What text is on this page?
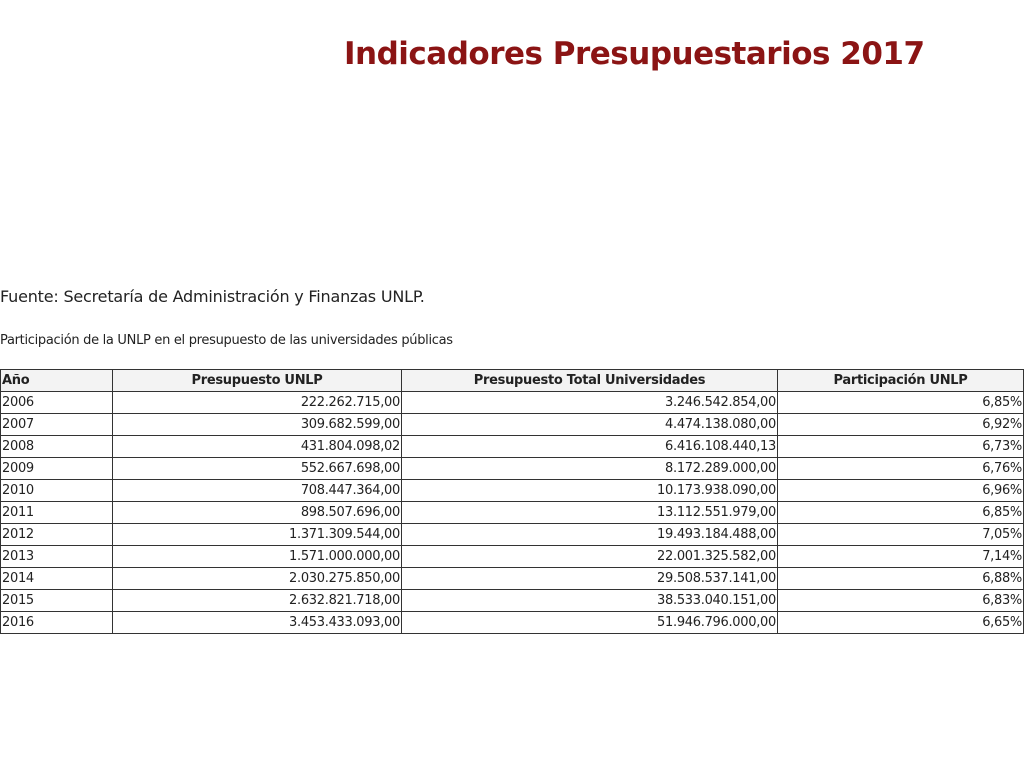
Indicadores Presupuestarios 2017

Fuente: Secretaría de Administración y Finanzas UNLP.

Participación de la UNLP en el presupuesto de las universidades públicas

Año	Presupuesto UNLP	Presupuesto Total Universidades	Participación UNLP
2006	222.262.715,00	3.246.542.854,00	6,85%
2007	309.682.599,00	4.474.138.080,00	6,92%
2008	431.804.098,02	6.416.108.440,13	6,73%
2009	552.667.698,00	8.172.289.000,00	6,76%
2010	708.447.364,00	10.173.938.090,00	6,96%
2011	898.507.696,00	13.112.551.979,00	6,85%
2012	1.371.309.544,00	19.493.184.488,00	7,05%
2013	1.571.000.000,00	22.001.325.582,00	7,14%
2014	2.030.275.850,00	29.508.537.141,00	6,88%
2015	2.632.821.718,00	38.533.040.151,00	6,83%
2016	3.453.433.093,00	51.946.796.000,00	6,65%
